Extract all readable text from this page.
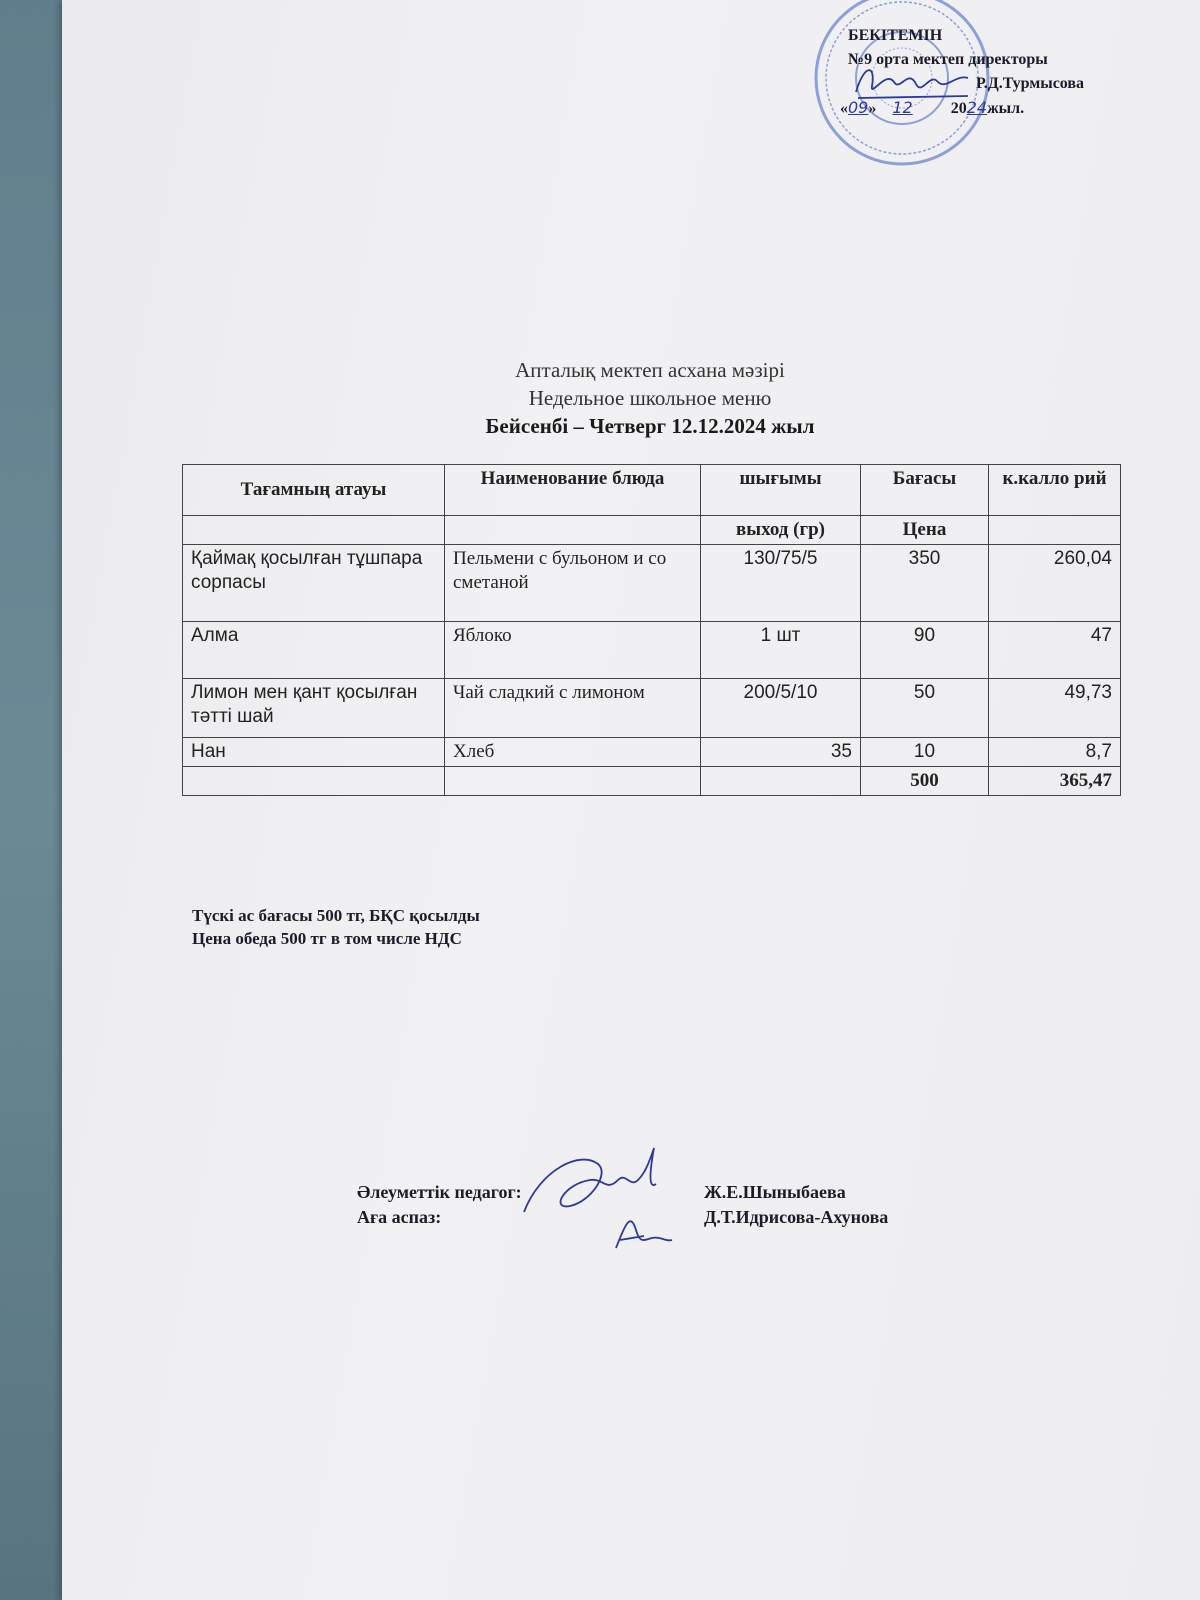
БЕКІТЕМІН
№9 орта мектеп директоры
Р.Д.Турмысова
«09» 12 2024жыл.
Апталық мектеп асхана мәзірі
Недельное школьное меню
Бейсенбі – Четверг 12.12.2024 жыл
Тағамның атауы	Наименование блюда	шығымы	Бағасы	к.калло рий
		выход (гр)	Цена	
Қаймақ қосылған тұшпара сорпасы	Пельмени с бульоном и со сметаной	130/75/5	350	260,04
Алма	Яблоко	1 шт	90	47
Лимон мен қант қосылған тәтті шай	Чай сладкий с лимоном	200/5/10	50	49,73
Нан	Хлеб	35	10	8,7
			500	365,47
Түскі ас бағасы 500 тг, БҚС қосылды
Цена обеда 500 тг в том числе НДС
Әлеуметтік педагог:	Ж.Е.Шыныбаева
Аға аспаз:	Д.Т.Идрисова-Ахунова
